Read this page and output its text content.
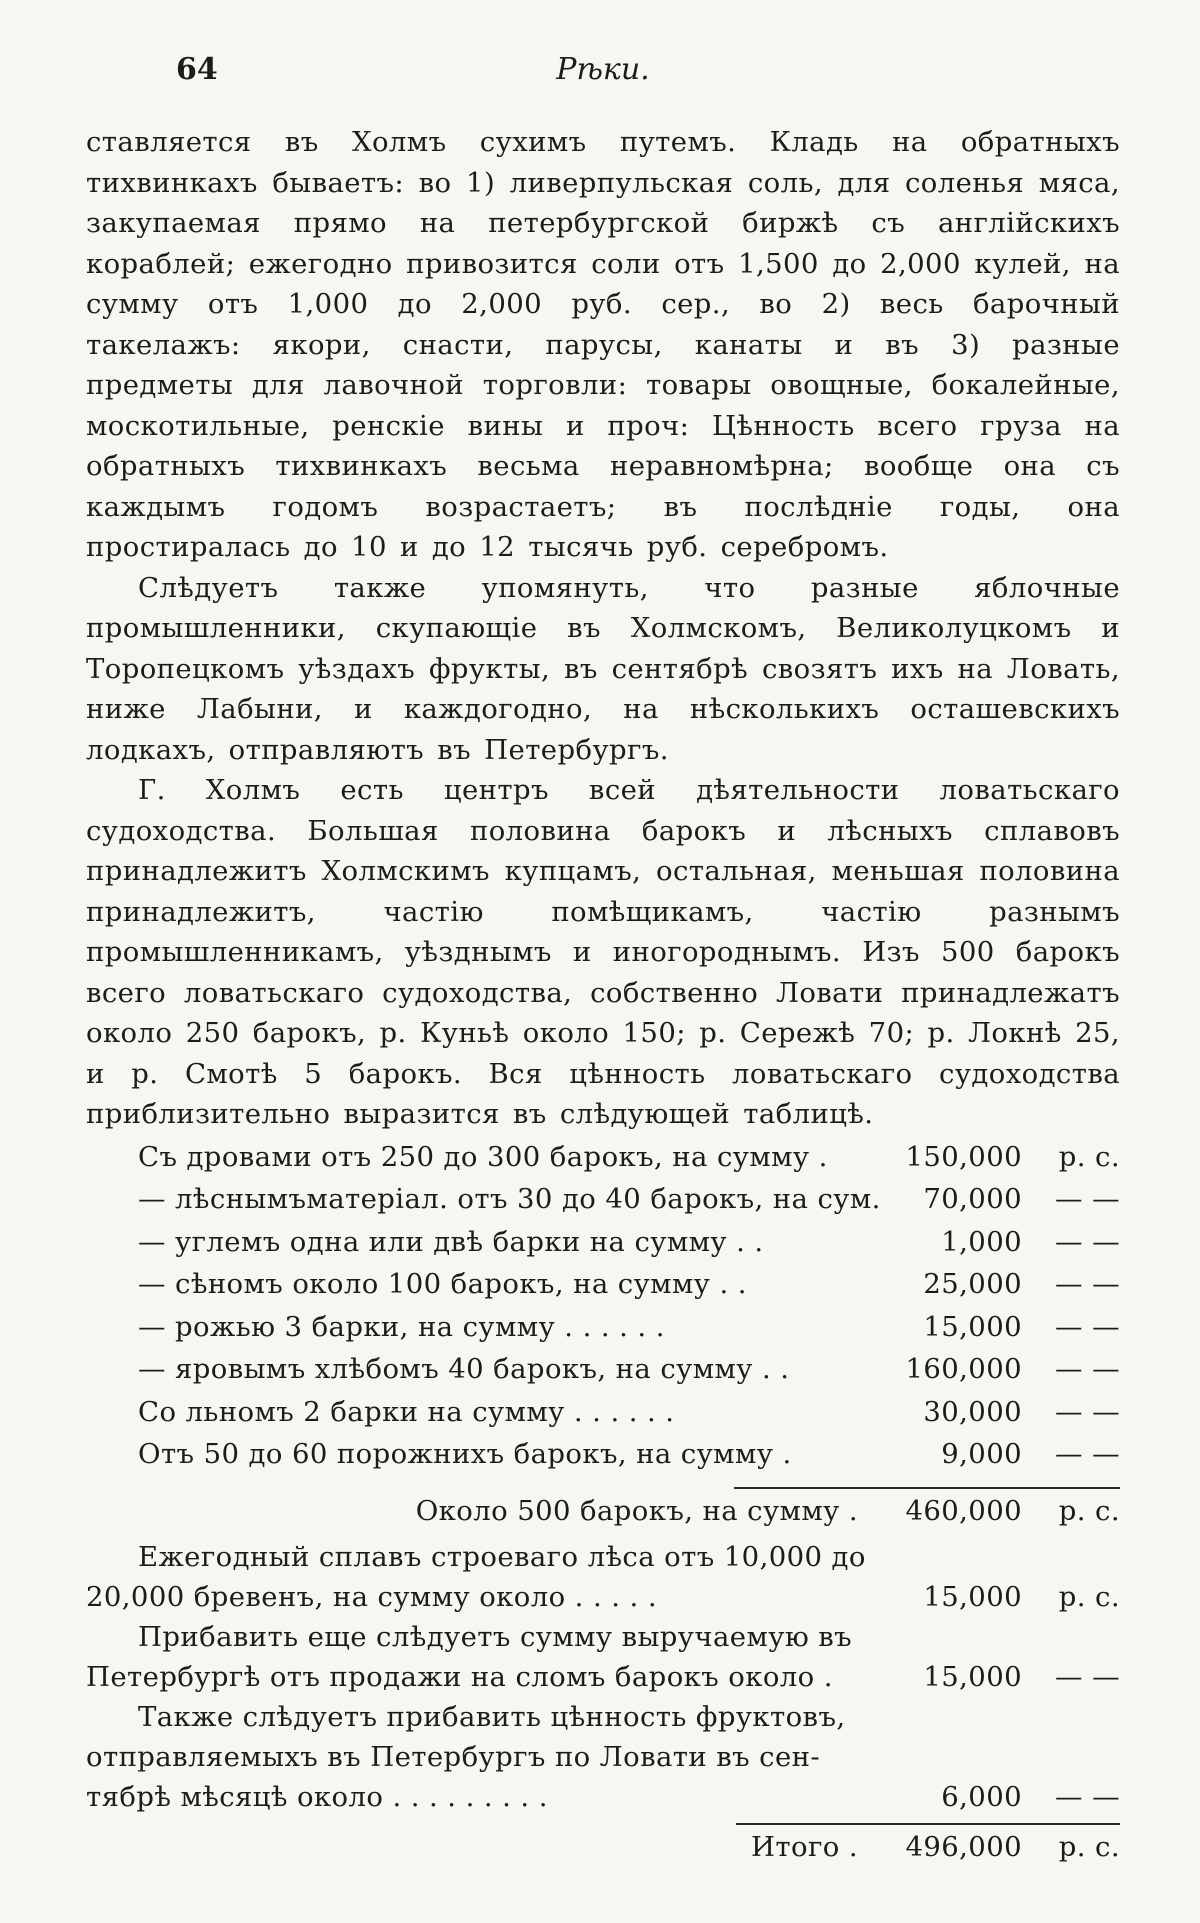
64	Рѣки.

ставляется въ Холмъ сухимъ путемъ. Кладь на обратныхъ тихвинкахъ бываетъ: во 1) ливерпульская соль, для соленья мяса, закупаемая прямо на петербургской биржѣ съ англійскихъ кораблей; ежегодно привозится соли отъ 1,500 до 2,000 кулей, на сумму отъ 1,000 до 2,000 руб. сер., во 2) весь барочный такелажъ: якори, снасти, парусы, канаты и въ 3) разные предметы для лавочной торговли: товары овощные, бокалейные, москотильные, ренскіе вины и проч: Цѣнность всего груза на обратныхъ тихвинкахъ весьма неравномѣрна; вообще она съ каждымъ годомъ возрастаетъ; въ послѣдніе годы, она простиралась до 10 и до 12 тысячь руб. серебромъ.

Слѣдуетъ также упомянуть, что разные яблочные промышленники, скупающіе въ Холмскомъ, Великолуцкомъ и Торопецкомъ уѣздахъ фрукты, въ сентябрѣ свозятъ ихъ на Ловать, ниже Лабыни, и каждогодно, на нѣсколькихъ осташевскихъ лодкахъ, отправляютъ въ Петербургъ.

Г. Холмъ есть центръ всей дѣятельности ловатьскаго судоходства. Большая половина барокъ и лѣсныхъ сплавовъ принадлежитъ Холмскимъ купцамъ, остальная, меньшая половина принадлежитъ, частію помѣщикамъ, частію разнымъ промышленникамъ, уѣзднымъ и иногороднымъ. Изъ 500 барокъ всего ловатьскаго судоходства, собственно Ловати принадлежатъ около 250 барокъ, р. Куньѣ около 150; р. Сережѣ 70; р. Локнѣ 25, и р. Смотѣ 5 барокъ. Вся цѣнность ловатьскаго судоходства приблизительно выразится въ слѣдующей таблицѣ.

Съ дровами отъ 250 до 300 барокъ, на сумму .	150,000	р. с.
— лѣснымъматеріал. отъ 30 до 40 барокъ, на сум.	70,000	— —
— углемъ одна или двѣ барки на сумму . .	1,000	— —
— сѣномъ около 100 барокъ, на сумму . .	25,000	— —
— рожью 3 барки, на сумму . . . . . .	15,000	— —
— яровымъ хлѣбомъ 40 барокъ, на сумму . .	160,000	— —
Со льномъ 2 барки на сумму . . . . . .	30,000	— —
Отъ 50 до 60 порожнихъ барокъ, на сумму .	9,000	— —
Около 500 барокъ, на сумму .	460,000	р. с.
Ежегодный сплавъ строеваго лѣса отъ 10,000 до
20,000 бревенъ, на сумму около . . . . .	15,000	р. с.
Прибавить еще слѣдуетъ сумму выручаемую въ
Петербургѣ отъ продажи на сломъ барокъ около .	15,000	— —
Также слѣдуетъ прибавить цѣнность фруктовъ,
отправляемыхъ въ Петербургъ по Ловати въ сен-
тябрѣ мѣсяцѣ около . . . . . . . . .	6,000	— —
Итого .	496,000	р. с.
